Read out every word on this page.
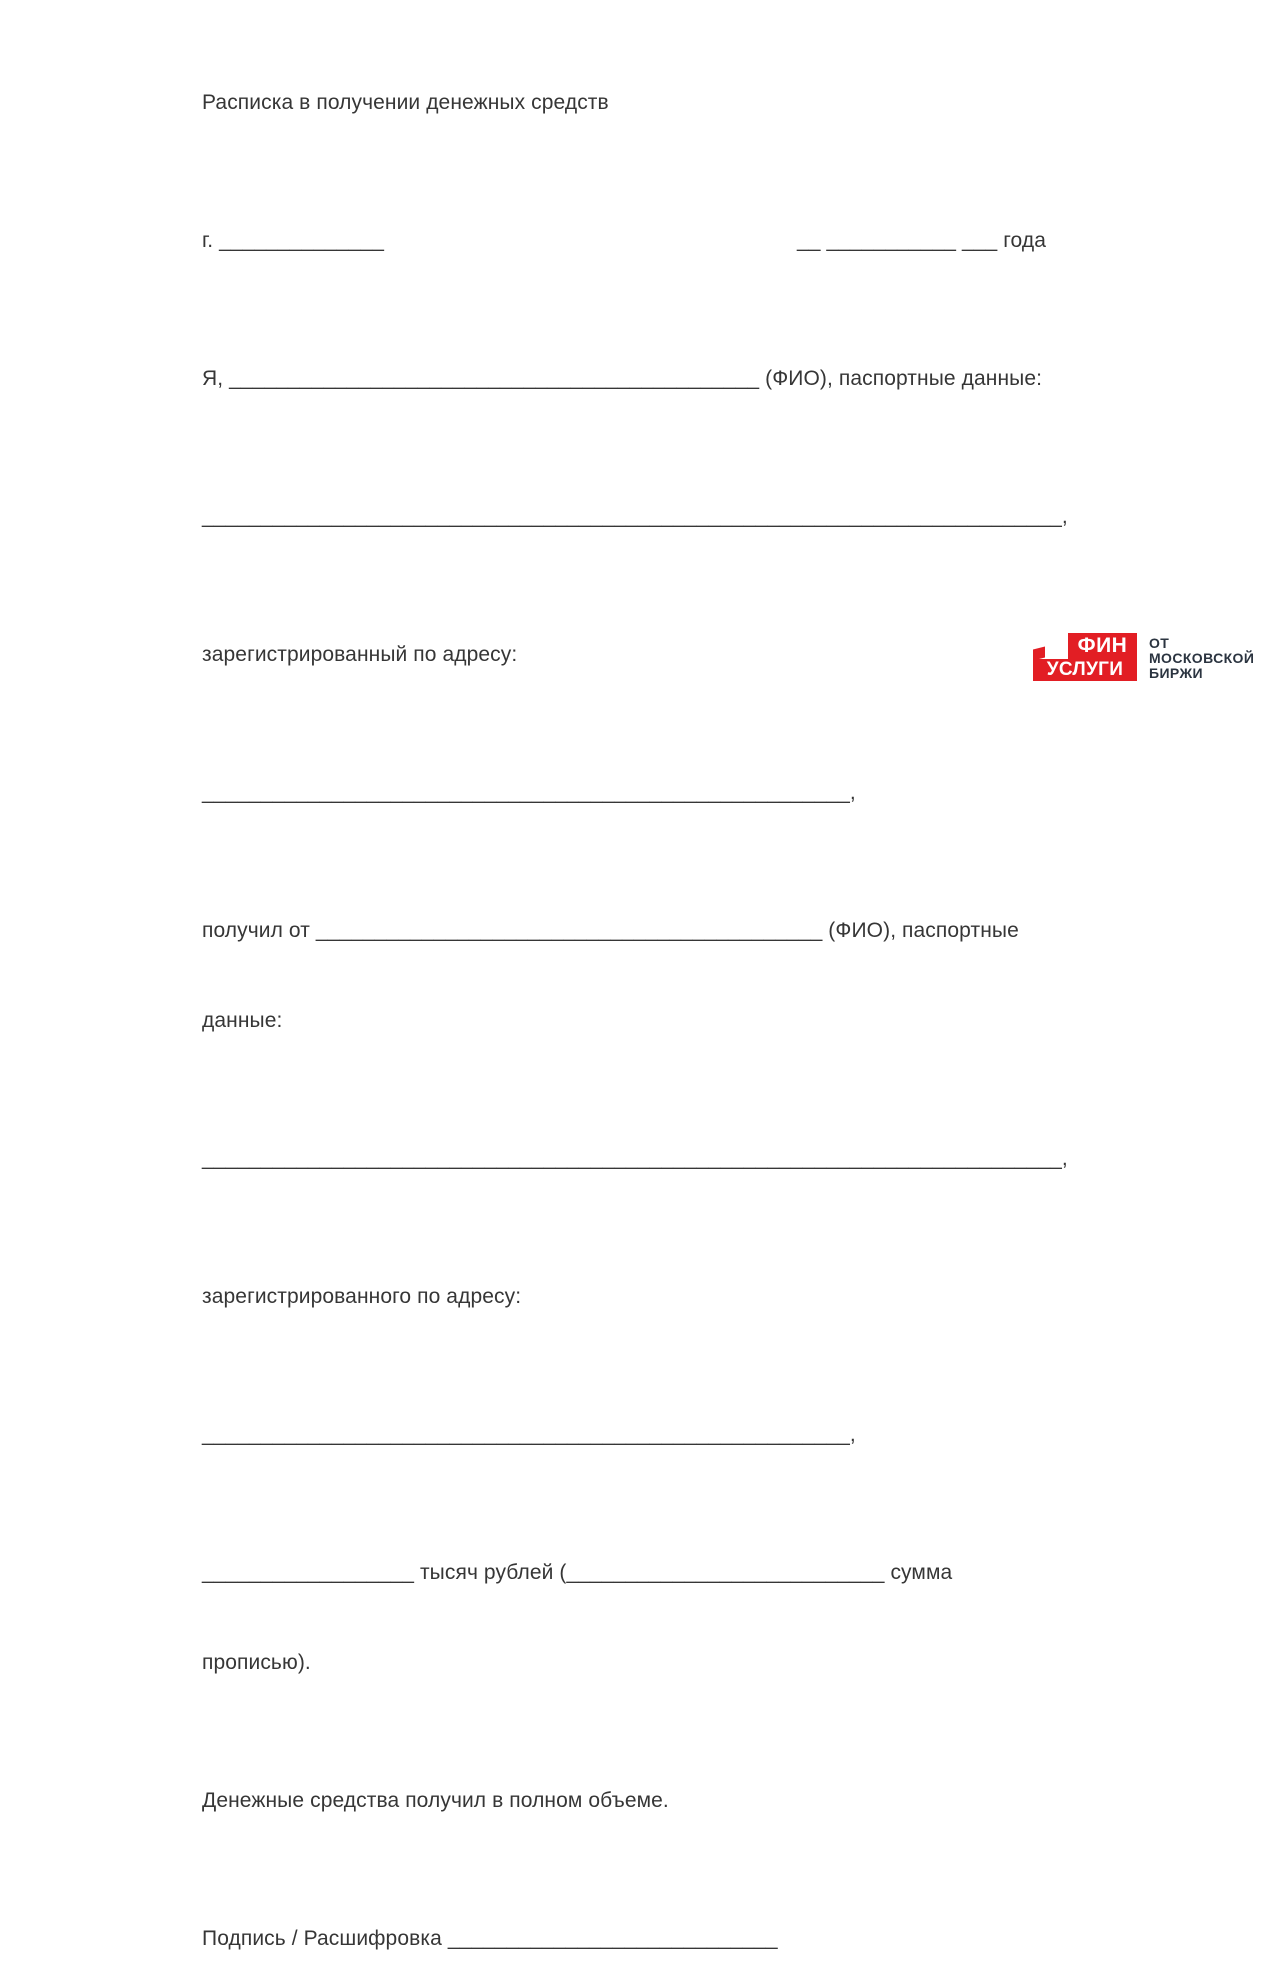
Расписка в получении денежных средств

г. ______________	__ ___________ ___ года

Я, _____________________________________________ (ФИО), паспортные данные:

_________________________________________________________________________,

зарегистрированный по адресу:

_______________________________________________________,

получил от ___________________________________________ (ФИО), паспортные

данные:

_________________________________________________________________________,

зарегистрированного по адресу:

_______________________________________________________,

__________________ тысяч рублей (___________________________ сумма

прописью).

Денежные средства получил в полном объеме.

Подпись / Расшифровка ____________________________

ФИН
УСЛУГИ
ОТ
МОСКОВСКОЙ
БИРЖИ
